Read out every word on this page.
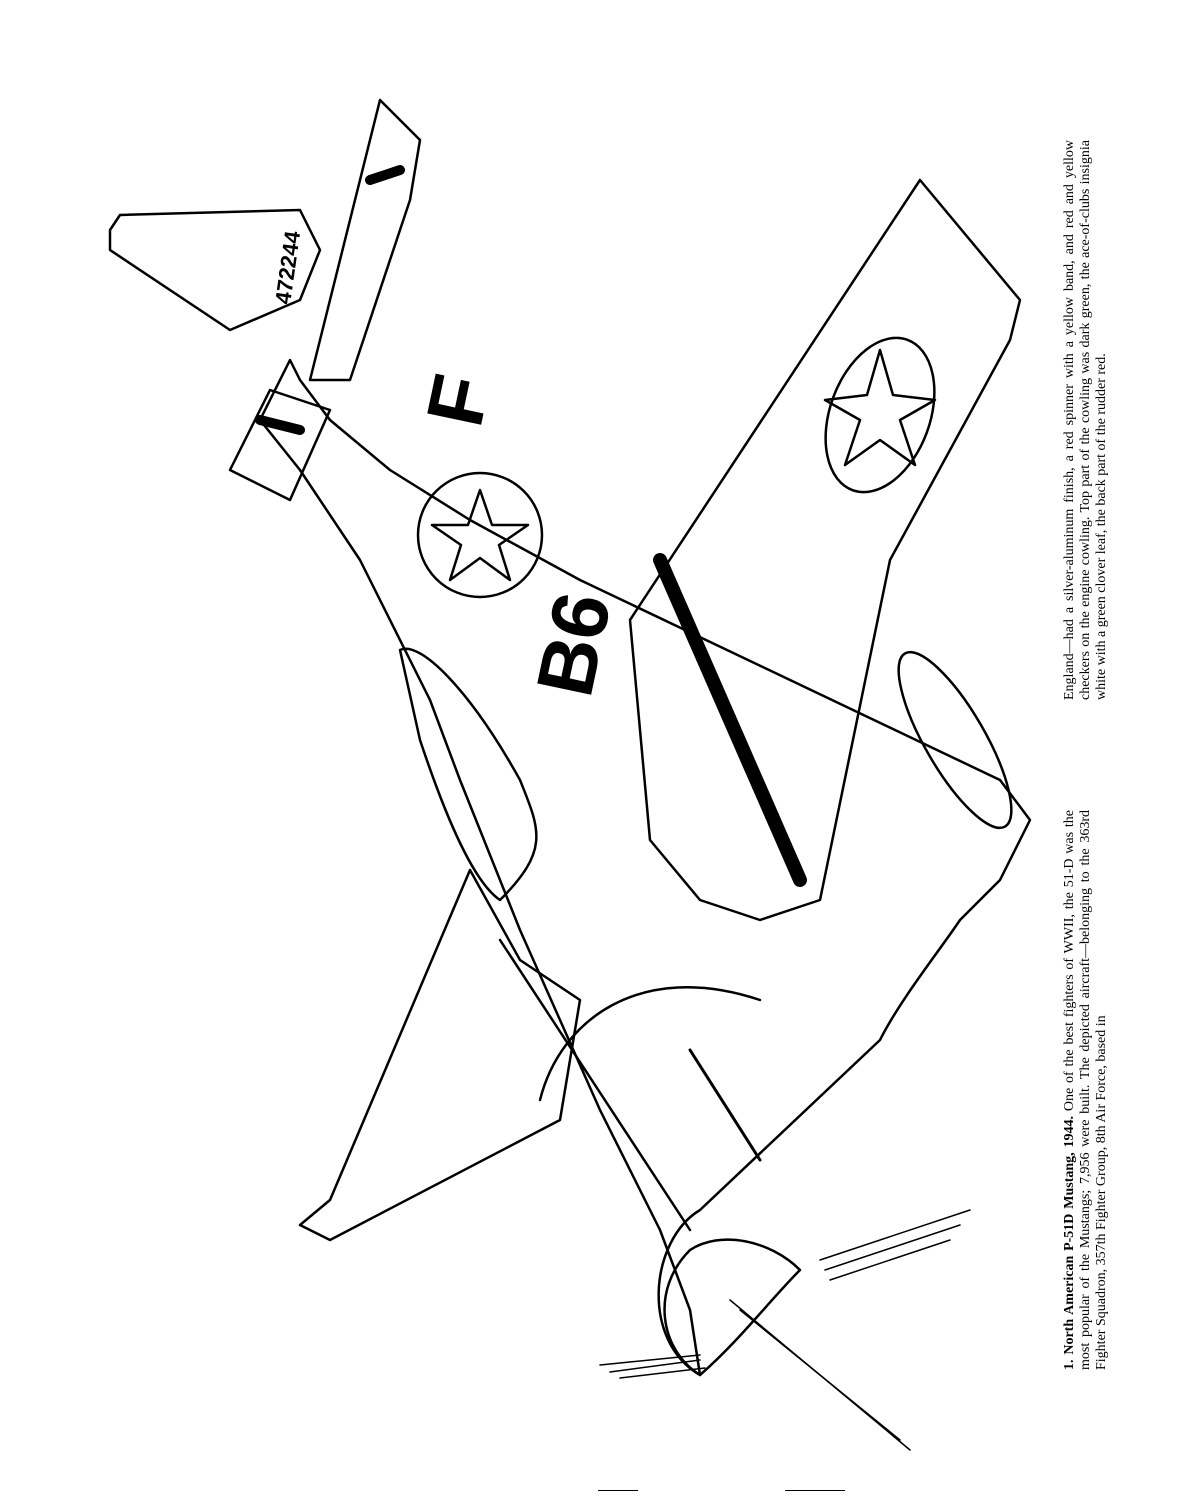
B6
F
472244
1. North American P-51D Mustang, 1944. One of the best fighters of WWII, the 51-D was the most popular of the Mustangs; 7,956 were built. The depicted aircraft—belonging to the 363rd Fighter Squadron, 357th Fighter Group, 8th Air Force, based in
England—had a silver-aluminum finish, a red spinner with a yellow band, and red and yellow checkers on the engine cowling. Top part of the cowling was dark green, the ace-of-clubs insignia white with a green clover leaf, the back part of the rudder red.
